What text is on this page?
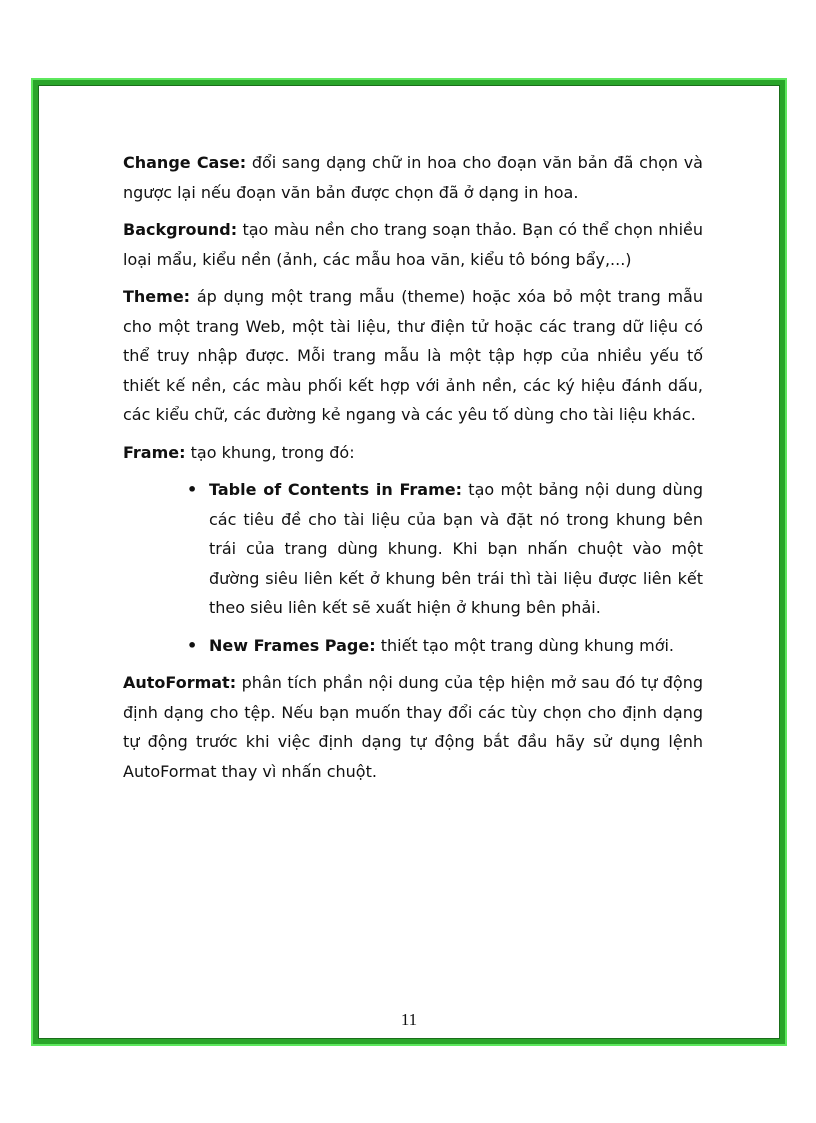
Change Case: đổi sang dạng chữ in hoa cho đoạn văn bản đã chọn và ngược lại nếu đoạn văn bản được chọn đã ở dạng in hoa.

Background: tạo màu nền cho trang soạn thảo. Bạn có thể chọn nhiều loại mẩu, kiểu nền (ảnh, các mẫu hoa văn, kiểu tô bóng bẩy,...)

Theme: áp dụng một trang mẫu (theme) hoặc xóa bỏ một trang mẫu cho một trang Web, một tài liệu, thư điện tử hoặc các trang dữ liệu có thể truy nhập được. Mỗi trang mẫu là một tập hợp của nhiều yếu tố thiết kế nền, các màu phối kết hợp với ảnh nền, các ký hiệu đánh dấu, các kiểu chữ, các đường kẻ ngang và các yêu tố dùng cho tài liệu khác.

Frame: tạo khung, trong đó:

• Table of Contents in Frame: tạo một bảng nội dung dùng các tiêu đề cho tài liệu của bạn và đặt nó trong khung bên trái của trang dùng khung. Khi bạn nhấn chuột vào một đường siêu liên kết ở khung bên trái thì tài liệu được liên kết theo siêu liên kết sẽ xuất hiện ở khung bên phải.
• New Frames Page: thiết tạo một trang dùng khung mới.

AutoFormat: phân tích phần nội dung của tệp hiện mở sau đó tự động định dạng cho tệp. Nếu bạn muốn thay đổi các tùy chọn cho định dạng tự động trước khi việc định dạng tự động bắt đầu hãy sử dụng lệnh AutoFormat thay vì nhấn chuột.

11
